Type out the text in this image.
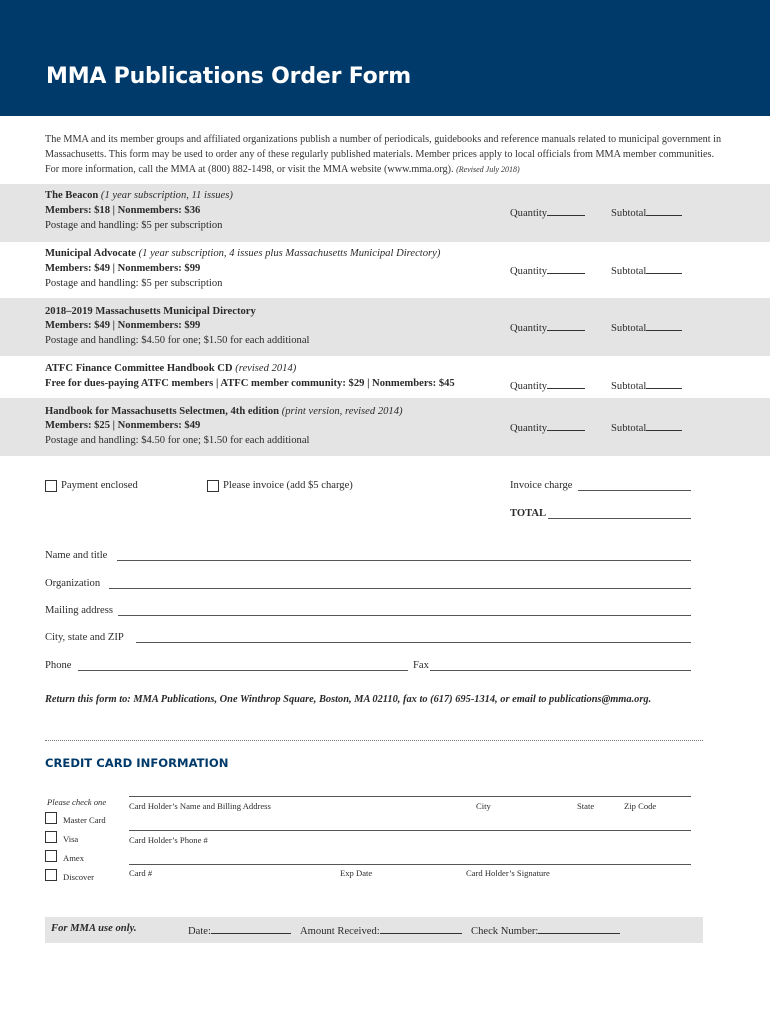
MMA Publications Order Form
The MMA and its member groups and affiliated organizations publish a number of periodicals, guidebooks and reference manuals related to municipal government in Massachusetts. This form may be used to order any of these regularly published materials. Member prices apply to local officials from MMA member communities. For more information, call the MMA at (800) 882-1498, or visit the MMA website (www.mma.org). (Revised July 2018)
The Beacon (1 year subscription, 11 issues)
Members: $18 | Nonmembers: $36
Postage and handling: $5 per subscription
Quantity	Subtotal
Municipal Advocate (1 year subscription, 4 issues plus Massachusetts Municipal Directory)
Members: $49 | Nonmembers: $99
Postage and handling: $5 per subscription
Quantity	Subtotal
2018–2019 Massachusetts Municipal Directory
Members: $49 | Nonmembers: $99
Postage and handling: $4.50 for one; $1.50 for each additional
Quantity	Subtotal
ATFC Finance Committee Handbook CD (revised 2014)
Free for dues-paying ATFC members | ATFC member community: $29 | Nonmembers: $45	Quantity	Subtotal
Handbook for Massachusetts Selectmen, 4th edition (print version, revised 2014)
Members: $25 | Nonmembers: $49
Postage and handling: $4.50 for one; $1.50 for each additional
Quantity	Subtotal
Payment enclosed	Please invoice (add $5 charge)	Invoice charge
TOTAL
Name and title
Organization
Mailing address
City, state and ZIP
Phone	Fax
Return this form to: MMA Publications, One Winthrop Square, Boston, MA 02110, fax to (617) 695-1314, or email to publications@mma.org.
CREDIT CARD INFORMATION
Please check one
Master Card
Visa
Amex
Discover
Card Holder’s Name and Billing Address	City	State	Zip Code
Card Holder’s Phone #
Card #	Exp Date	Card Holder’s Signature
For MMA use only.	Date:	Amount Received:	Check Number:
